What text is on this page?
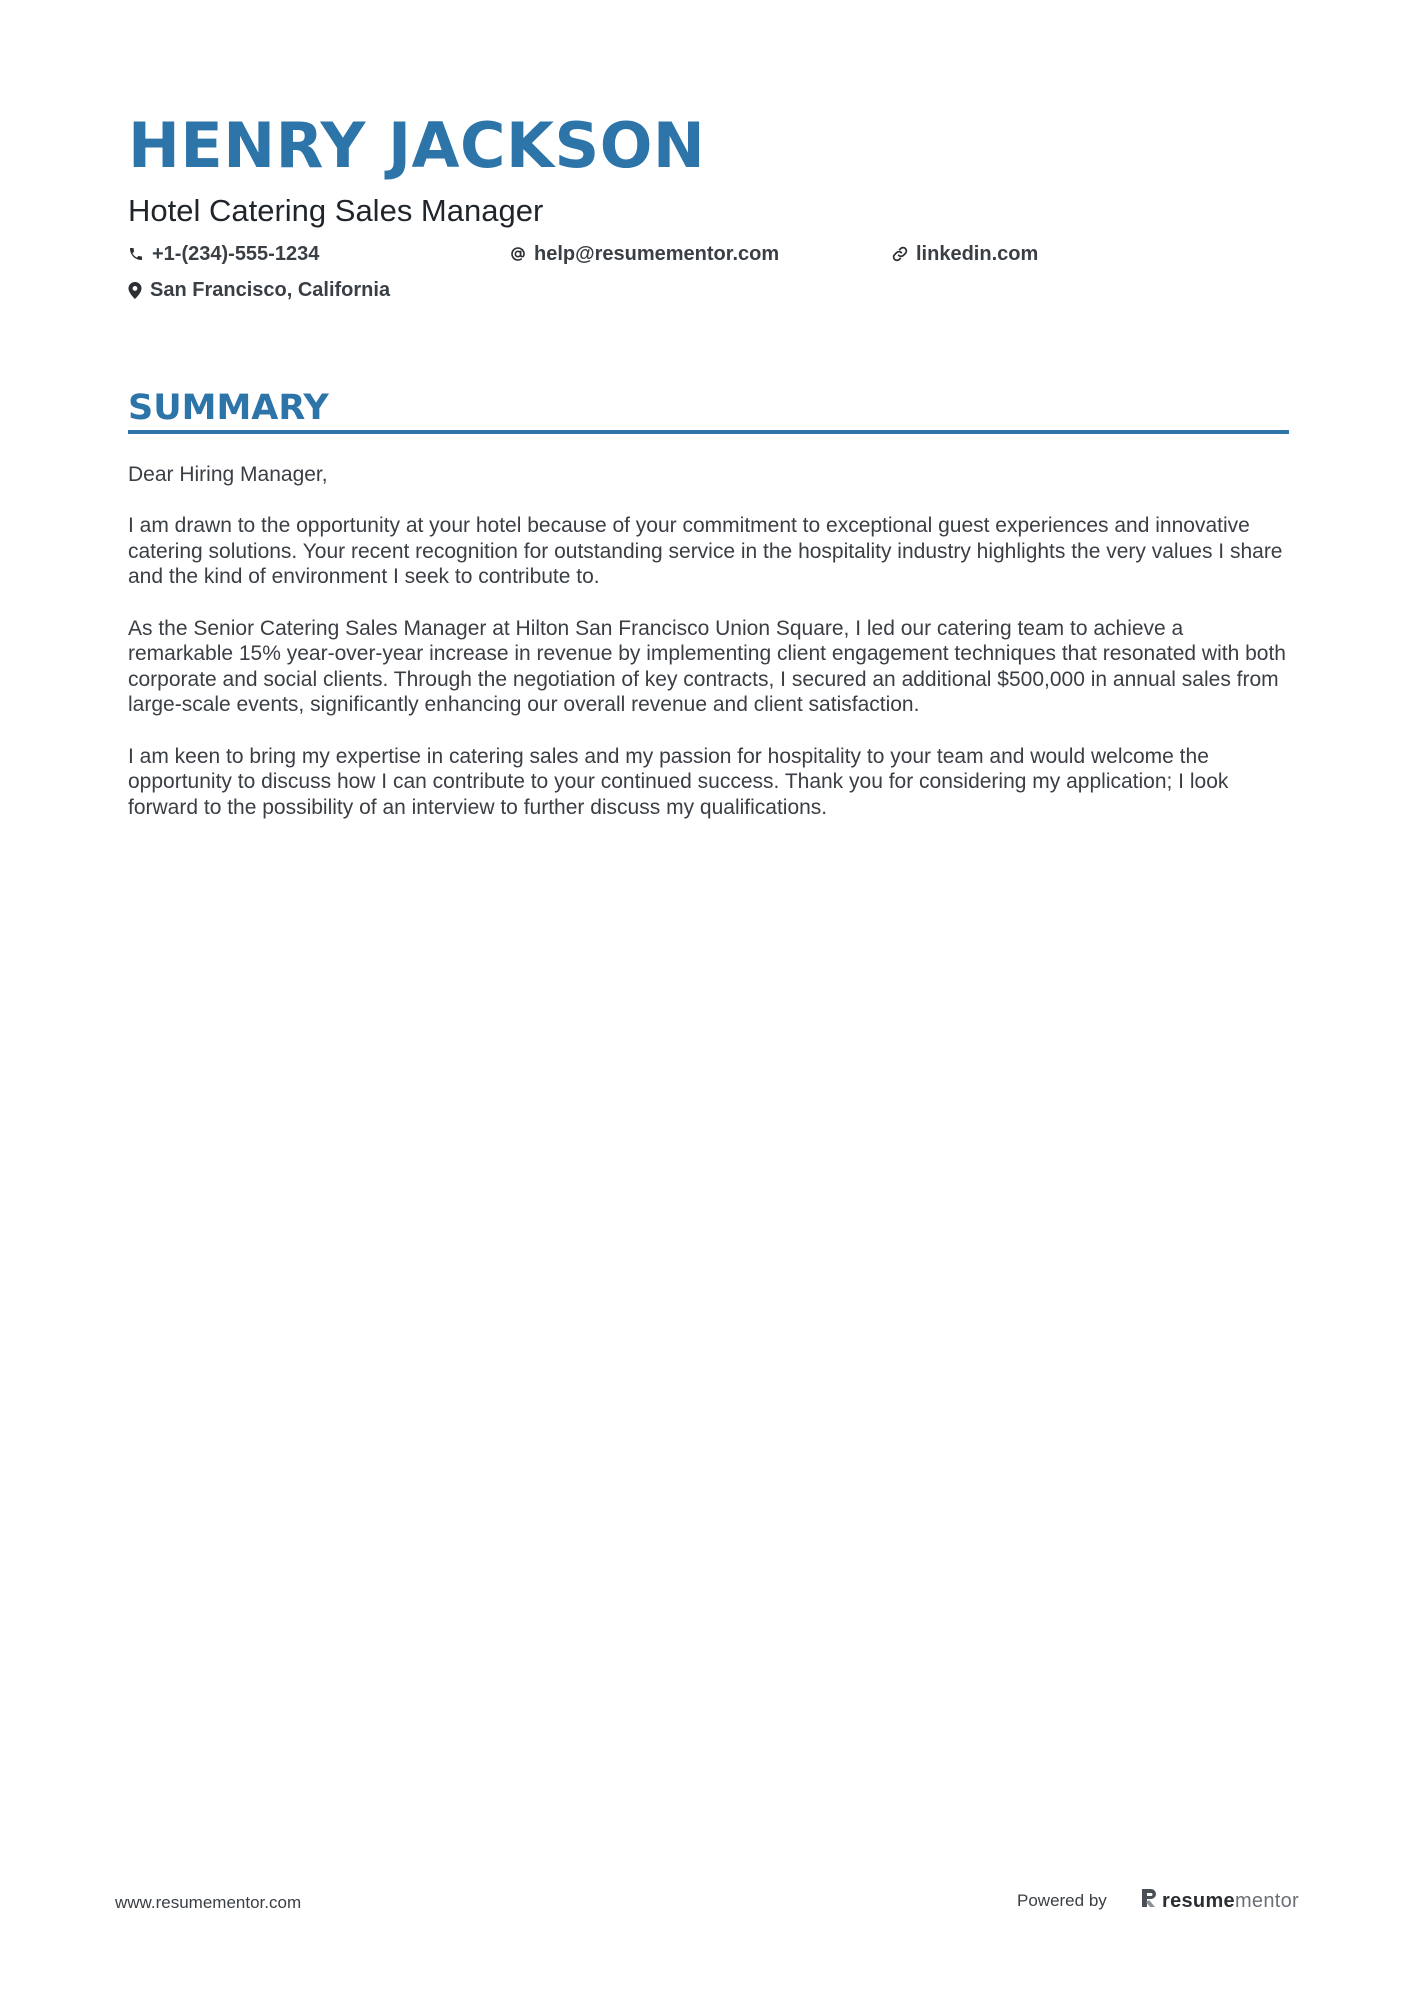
HENRY JACKSON
Hotel Catering Sales Manager
+1-(234)-555-1234	help@resumementor.com	linkedin.com
San Francisco, California
SUMMARY

Dear Hiring Manager,

I am drawn to the opportunity at your hotel because of your commitment to exceptional guest experiences and innovative catering solutions. Your recent recognition for outstanding service in the hospitality industry highlights the very values I share and the kind of environment I seek to contribute to.

As the Senior Catering Sales Manager at Hilton San Francisco Union Square, I led our catering team to achieve a remarkable 15% year-over-year increase in revenue by implementing client engagement techniques that resonated with both corporate and social clients. Through the negotiation of key contracts, I secured an additional $500,000 in annual sales from large-scale events, significantly enhancing our overall revenue and client satisfaction.

I am keen to bring my expertise in catering sales and my passion for hospitality to your team and would welcome the opportunity to discuss how I can contribute to your continued success. Thank you for considering my application; I look forward to the possibility of an interview to further discuss my qualifications.

www.resumementor.com	Powered by	resumementor
